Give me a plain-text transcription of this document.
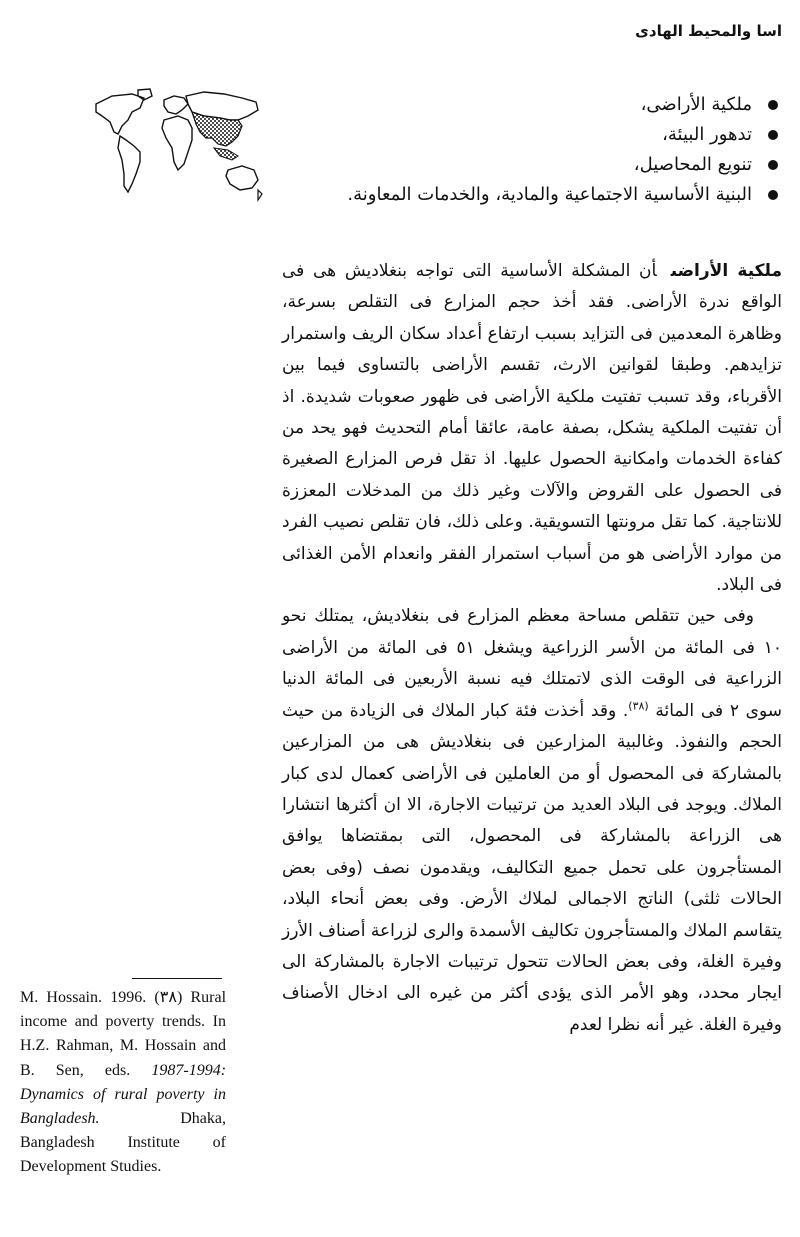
اسا والمحيط الهادى
ملكية الأراضى،
تدهور البيئة،
تنويع المحاصيل،
البنية الأساسية الاجتماعية والمادية، والخدمات المعاونة.

ملكية الأراضىأن المشكلة الأساسية التى تواجه بنغلاديش هى فى الواقع ندرة الأراضى. فقد أخذ حجم المزارع فى التقلص بسرعة، وظاهرة المعدمين فى التزايد بسبب ارتفاع أعداد سكان الريف واستمرار تزايدهم. وطبقا لقوانين الارث، تقسم الأراضى بالتساوى فيما بين الأقرباء، وقد تسبب تفتيت ملكية الأراضى فى ظهور صعوبات شديدة. اذ أن تفتيت الملكية يشكل، بصفة عامة، عائقا أمام التحديث فهو يحد من كفاءة الخدمات وامكانية الحصول عليها. اذ تقل فرص المزارع الصغيرة فى الحصول على القروض والآلات وغير ذلك من المدخلات المعززة للانتاجية. كما تقل مرونتها التسويقية. وعلى ذلك، فان تقلص نصيب الفرد من موارد الأراضى هو من أسباب استمرار الفقر وانعدام الأمن الغذائى فى البلاد.

وفى حين تتقلص مساحة معظم المزارع فى بنغلاديش، يمتلك نحو ١٠ فى المائة من الأسر الزراعية ويشغل ٥١ فى المائة من الأراضى الزراعية فى الوقت الذى لاتمتلك فيه نسبة الأربعين فى المائة الدنيا سوى ٢ فى المائة $^{(٣٨)}$. وقد أخذت فئة كبار الملاك فى الزيادة من حيث الحجم والنفوذ. وغالبية المزارعين فى بنغلاديش هى من المزارعين بالمشاركة فى المحصول أو من العاملين فى الأراضى كعمال لدى كبار الملاك. ويوجد فى البلاد العديد من ترتيبات الاجارة، الا ان أكثرها انتشارا هى الزراعة بالمشاركة فى المحصول، التى بمقتضاها يوافق المستأجرون على تحمل جميع التكاليف، ويقدمون نصف (وفى بعض الحالات ثلثى) الناتج الاجمالى لملاك الأرض. وفى بعض أنحاء البلاد، يتقاسم الملاك والمستأجرون تكاليف الأسمدة والرى لزراعة أصناف الأرز وفيرة الغلة، وفى بعض الحالات تتحول ترتيبات الاجارة بالمشاركة الى ايجار محدد، وهو الأمر الذى يؤدى أكثر من غيره الى ادخال الأصناف وفيرة الغلة. غير أنه نظرا لعدم

M. Hossain. 1996. (٣٨) Rural income and poverty trends. In H.Z. Rahman, M. Hossain and B. Sen, eds. 1987-1994: Dynamics of rural poverty in Bangladesh.	Dhaka, Bangladesh Institute of Development Studies.
